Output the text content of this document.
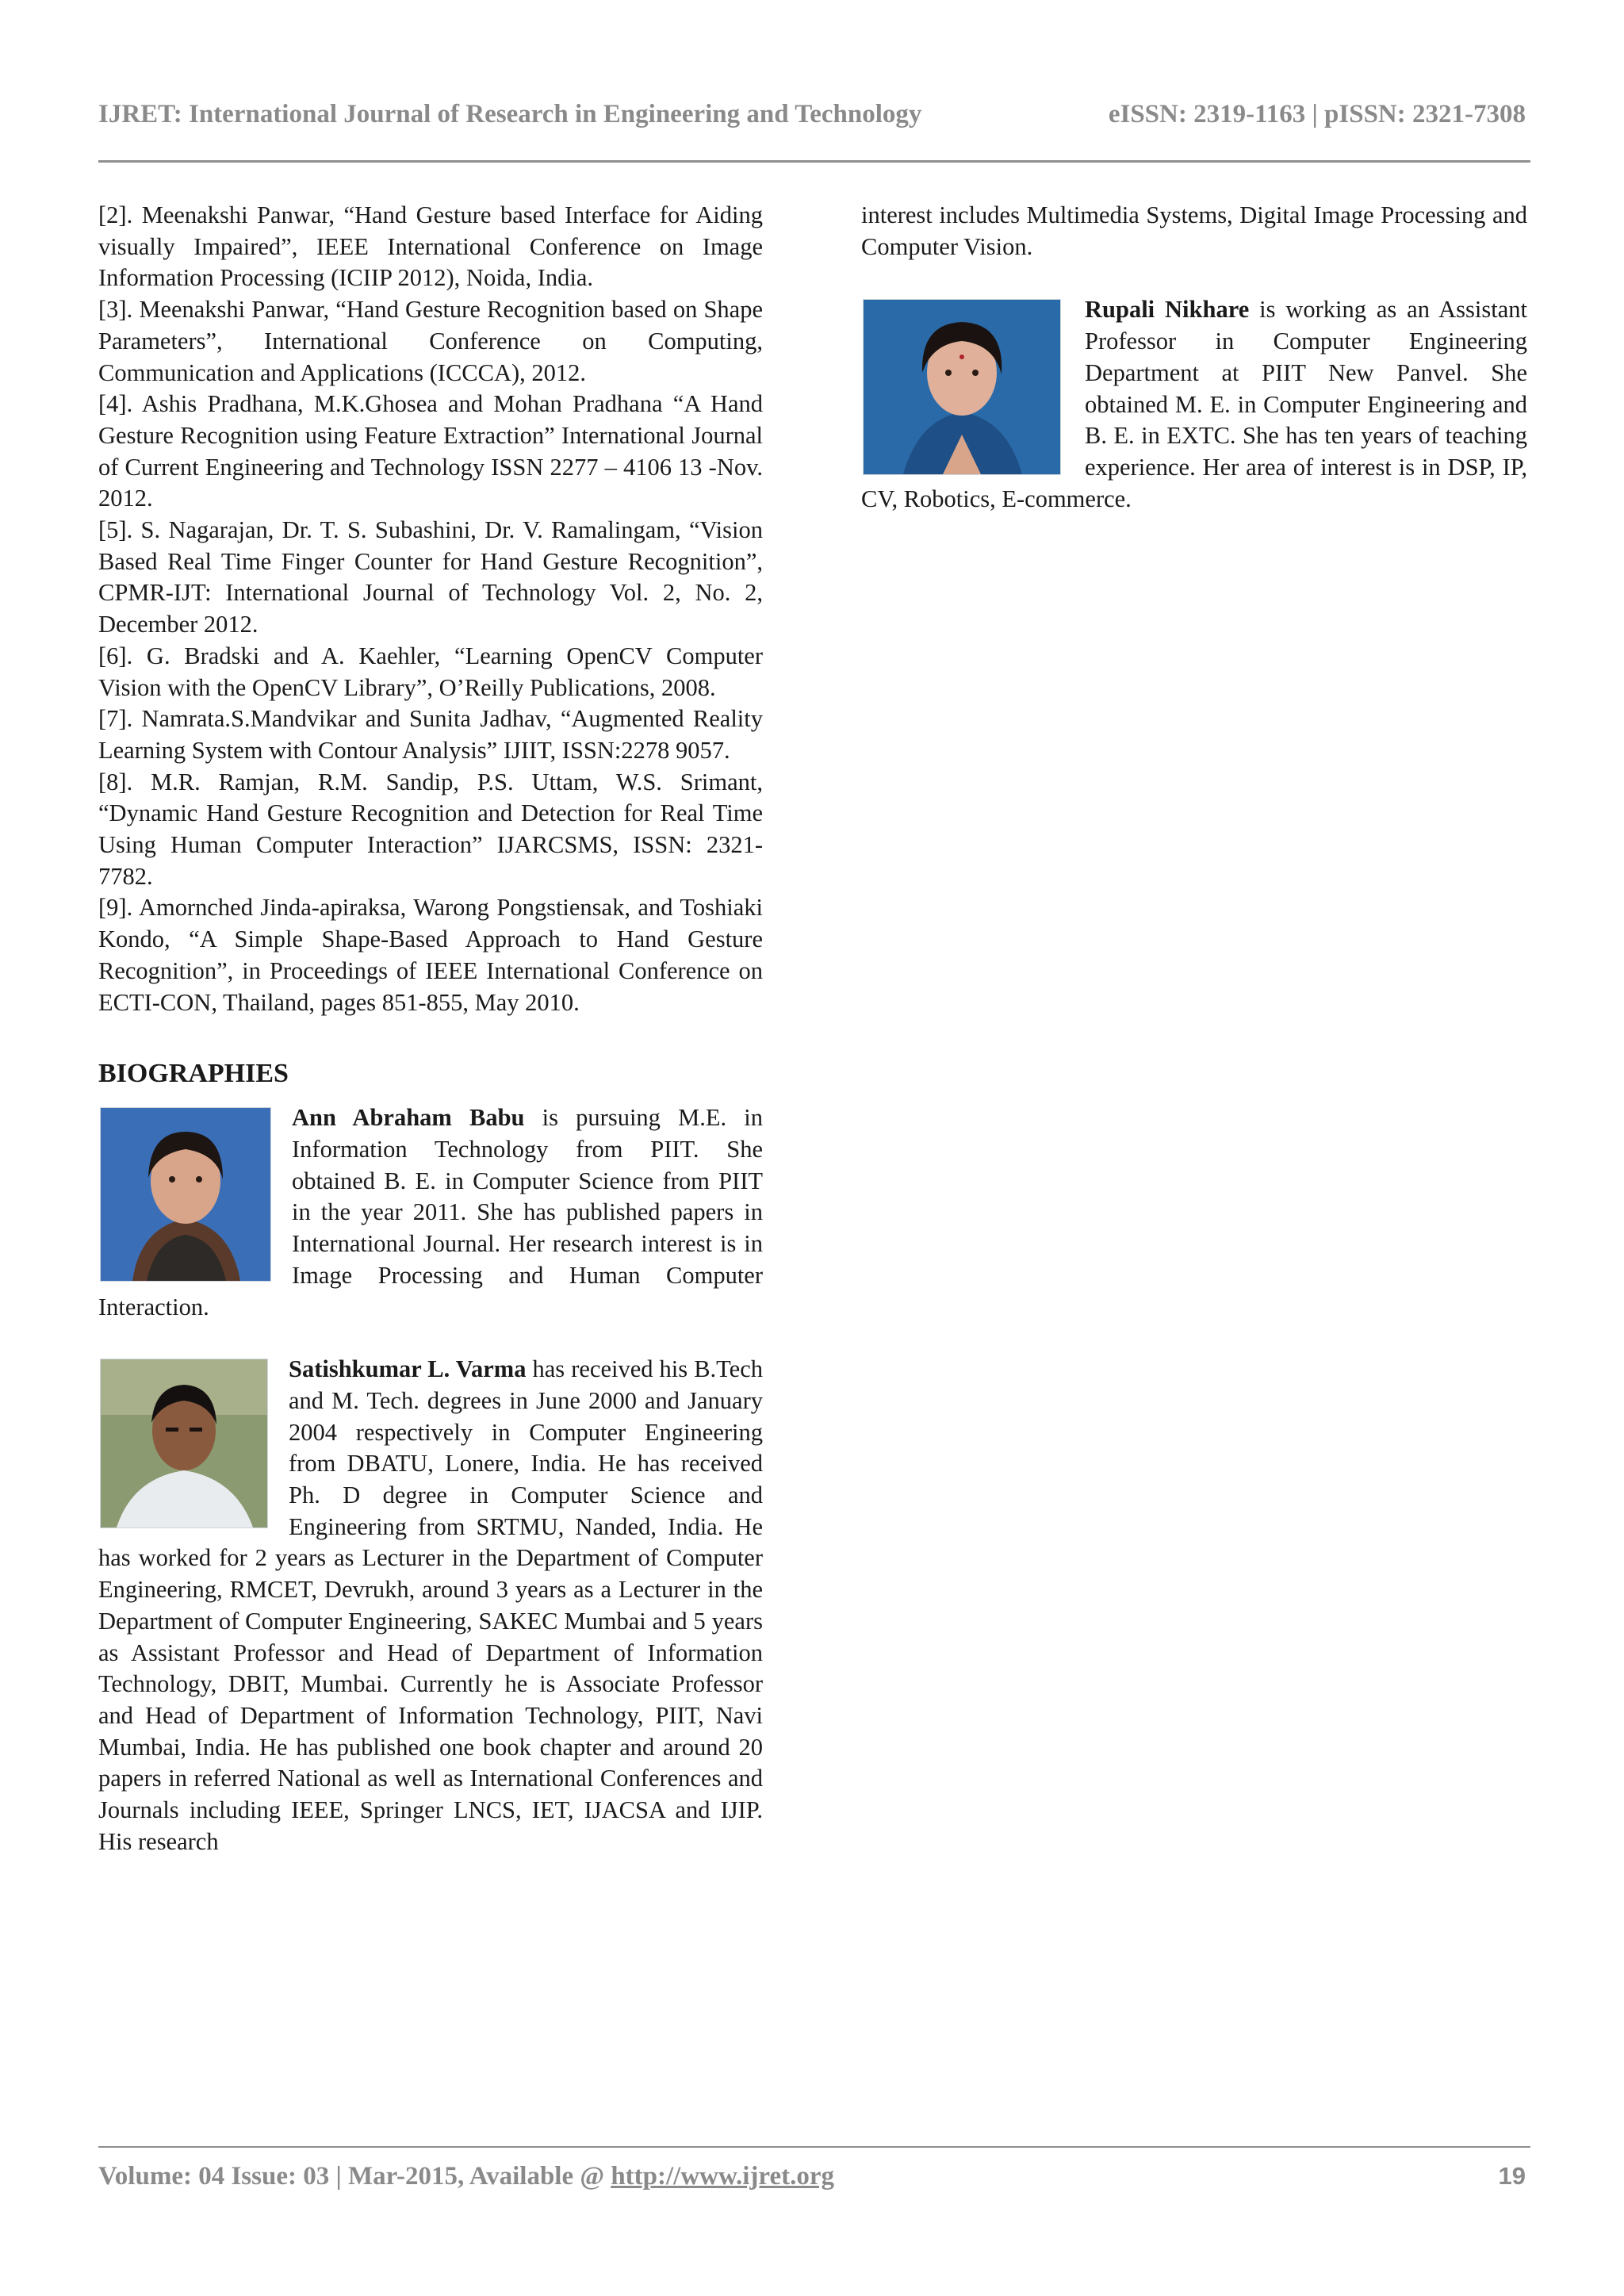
IJRET: International Journal of Research in Engineering and Technology	eISSN: 2319-1163 | pISSN: 2321-7308

[2]. Meenakshi Panwar, “Hand Gesture based Interface for Aiding visually Impaired”, IEEE International Conference on Image Information Processing (ICIIP 2012), Noida, India.

[3]. Meenakshi Panwar, “Hand Gesture Recognition based on Shape Parameters”, International Conference on Computing, Communication and Applications (ICCCA), 2012.

[4]. Ashis Pradhana, M.K.Ghosea and Mohan Pradhana “A Hand Gesture Recognition using Feature Extraction” International Journal of Current Engineering and Technology ISSN 2277 – 4106 13 -Nov. 2012.

[5]. S. Nagarajan, Dr. T. S. Subashini, Dr. V. Ramalingam, “Vision Based Real Time Finger Counter for Hand Gesture Recognition”, CPMR-IJT: International Journal of Technology Vol. 2, No. 2, December 2012.

[6]. G. Bradski and A. Kaehler, “Learning OpenCV Computer Vision with the OpenCV Library”, O’Reilly Publications, 2008.

[7]. Namrata.S.Mandvikar and Sunita Jadhav, “Augmented Reality Learning System with Contour Analysis” IJIIT, ISSN:2278 9057.

[8]. M.R. Ramjan, R.M. Sandip, P.S. Uttam, W.S. Srimant, “Dynamic Hand Gesture Recognition and Detection for Real Time Using Human Computer Interaction” IJARCSMS, ISSN: 2321-7782.

[9]. Amornched Jinda-apiraksa, Warong Pongstiensak, and Toshiaki Kondo, “A Simple Shape-Based Approach to Hand Gesture Recognition”, in Proceedings of IEEE International Conference on ECTI-CON, Thailand, pages 851-855, May 2010.

BIOGRAPHIES

Ann Abraham Babu is pursuing M.E. in Information Technology from PIIT. She obtained B. E. in Computer Science from PIIT in the year 2011. She has published papers in International Journal. Her research interest is in Image Processing and Human Computer Interaction.

Satishkumar L. Varma has received his B.Tech and M. Tech. degrees in June 2000 and January 2004 respectively in Computer Engineering from DBATU, Lonere, India. He has received Ph. D degree in Computer Science and Engineering from SRTMU, Nanded, India. He has worked for 2 years as Lecturer in the Department of Computer Engineering, RMCET, Devrukh, around 3 years as a Lecturer in the Department of Computer Engineering, SAKEC Mumbai and 5 years as Assistant Professor and Head of Department of Information Technology, DBIT, Mumbai. Currently he is Associate Professor and Head of Department of Information Technology, PIIT, Navi Mumbai, India. He has published one book chapter and around 20 papers in referred National as well as International Conferences and Journals including IEEE, Springer LNCS, IET, IJACSA and IJIP. His research

interest includes Multimedia Systems, Digital Image Processing and Computer Vision.

Rupali Nikhare is working as an Assistant Professor in Computer Engineering Department at PIIT New Panvel. She obtained M. E. in Computer Engineering and B. E. in EXTC. She has ten years of teaching experience. Her area of interest is in DSP, IP, CV, Robotics, E-commerce.

Volume: 04 Issue: 03 | Mar-2015, Available @ http://www.ijret.org	19
